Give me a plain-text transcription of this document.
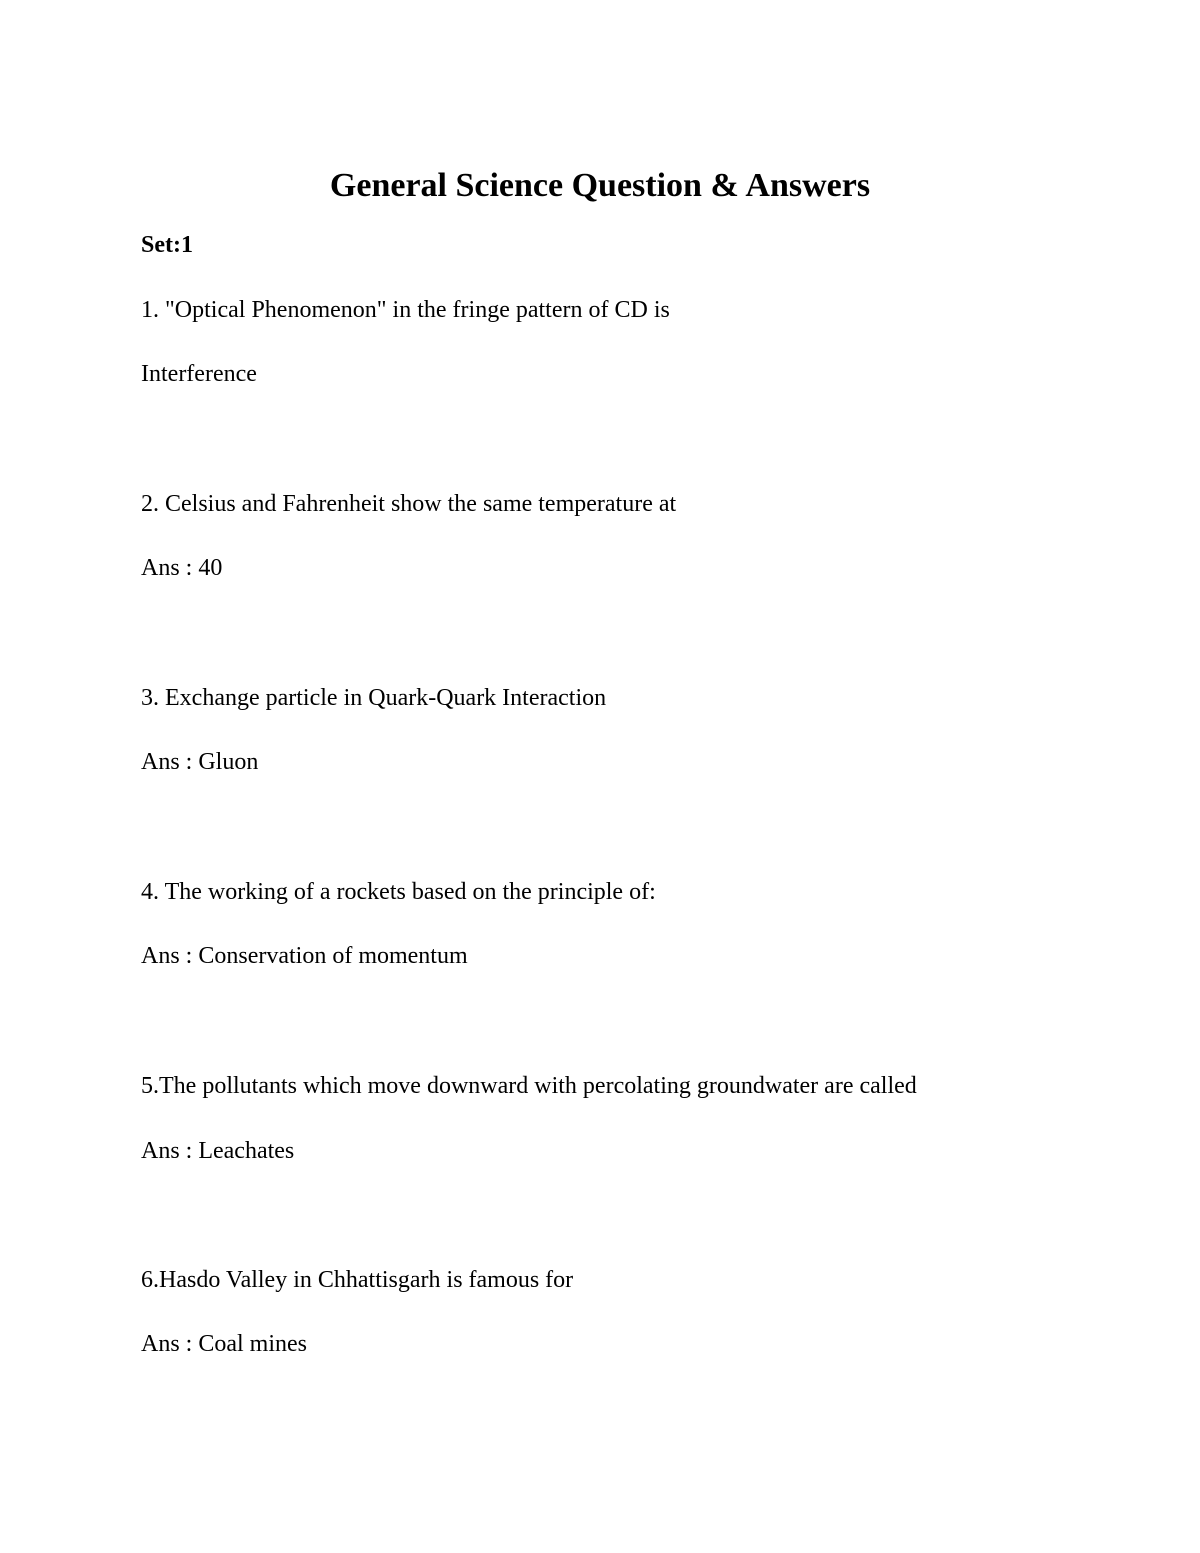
General Science Question & Answers

Set:1

1. "Optical Phenomenon" in the fringe pattern of CD is

Interference

2. Celsius and Fahrenheit show the same temperature at

Ans : 40

3. Exchange particle in Quark-Quark Interaction

Ans : Gluon

4. The working of a rockets based on the principle of:

Ans : Conservation of momentum

5.The pollutants which move downward with percolating groundwater are called

Ans : Leachates

6.Hasdo Valley in Chhattisgarh is famous for

Ans : Coal mines
